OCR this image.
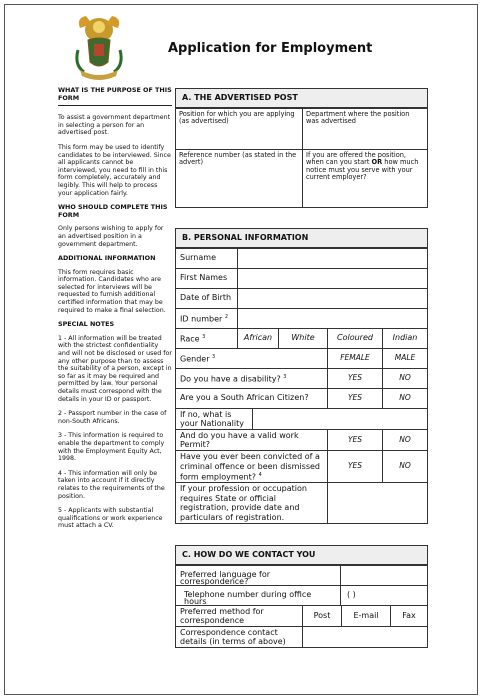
Application for Employment
WHAT IS THE PURPOSE OF THIS FORM

To assist a government department in selecting a person for an advertised post.

This form may be used to identify candidates to be interviewed. Since all applicants cannot be interviewed, you need to fill in this form completely, accurately and legibly. This will help to process your application fairly.

WHO SHOULD COMPLETE THIS FORM

Only persons wishing to apply for an advertised position in a government department.

ADDITIONAL INFORMATION

This form requires basic information. Candidates who are selected for interviews will be requested to furnish additional certified information that may be required to make a final selection.

SPECIAL NOTES

1 - All information will be treated with the strictest confidentiality and will not be disclosed or used for any other purpose than to assess the suitability of a person, except in so far as it may be required and permitted by law. Your personal details must correspond with the details in your ID or passport.

2 - Passport number in the case of non-South Africans.

3 - This information is required to enable the department to comply with the Employment Equity Act, 1998.

4 - This information will only be taken into account if it directly relates to the requirements of the position.

5 - Applicants with substantial qualifications or work experience must attach a CV.

A. THE ADVERTISED POST
Position for which you are applying (as advertised)
Department where the position was advertised
Reference number (as stated in the advert)
If you are offered the position, when can you start OR how much notice must you serve with your current employer?
B. PERSONAL INFORMATION
Surname
First Names
Date of Birth
ID number $^2$
Race $^3$	African	White	Coloured	Indian
Gender $^3$	FEMALE	MALE
Do you have a disability? $^3$	YES	NO
Are you a South African Citizen?	YES	NO
If no, what is your Nationality
And do you have a valid work Permit?
YES	NO
Have you ever been convicted of a criminal offence or been dismissed form employment? $^4$
YES	NO
If your profession or occupation requires State or official registration, provide date and particulars of registration.
C. HOW DO WE CONTACT YOU
Preferred language for correspondence?
Telephone number during office hours
( )
Preferred method for correspondence
Post	E-mail	Fax
Correspondence contact details (in terms of above)
